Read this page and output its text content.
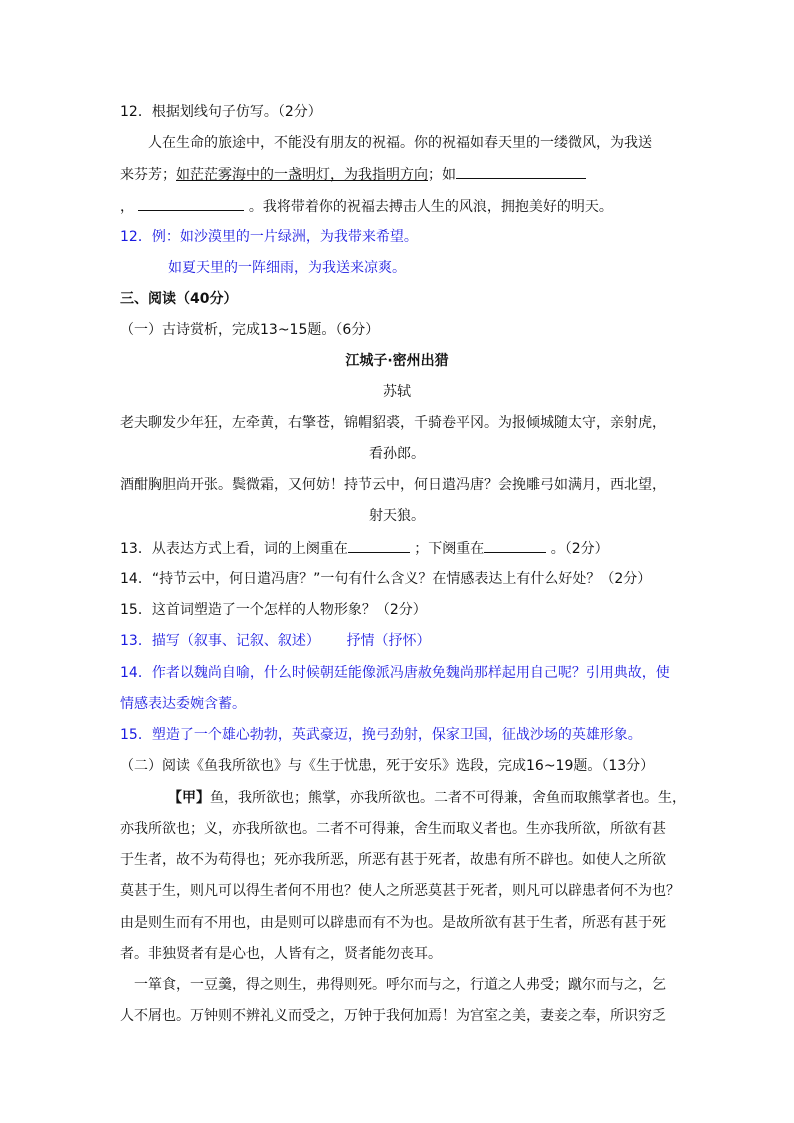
12．根据划线句子仿写。（2分）
人在生命的旅途中，不能没有朋友的祝福。你的祝福如春天里的一缕微风，为我送
来芬芳；如茫茫雾海中的一盏明灯，为我指明方向；如
，	。我将带着你的祝福去搏击人生的风浪，拥抱美好的明天。
12．例：如沙漠里的一片绿洲，为我带来希望。
如夏天里的一阵细雨，为我送来凉爽。
三、阅读（40分）
（一）古诗赏析，完成13~15题。（6分）
江城子·密州出猎
苏轼
老夫聊发少年狂，左牵黄，右擎苍，锦帽貂裘，千骑卷平冈。为报倾城随太守，亲射虎，
看孙郎。
酒酣胸胆尚开张。鬓微霜，又何妨！持节云中，何日遣冯唐？会挽雕弓如满月，西北望，
射天狼。
13．从表达方式上看，词的上阕重在	；下阕重在	。（2分）
14．“持节云中，何日遣冯唐？”一句有什么含义？在情感表达上有什么好处？（2分）
15．这首词塑造了一个怎样的人物形象？（2分）
13．描写（叙事、记叙、叙述）      抒情（抒怀）
14．作者以魏尚自喻，什么时候朝廷能像派冯唐赦免魏尚那样起用自己呢？引用典故，使
情感表达委婉含蓄。
15．塑造了一个雄心勃勃，英武豪迈，挽弓劲射，保家卫国，征战沙场的英雄形象。
（二）阅读《鱼我所欲也》与《生于忧患，死于安乐》选段，完成16~19题。（13分）
【甲】鱼，我所欲也；熊掌，亦我所欲也。二者不可得兼，舍鱼而取熊掌者也。生，
亦我所欲也；义，亦我所欲也。二者不可得兼，舍生而取义者也。生亦我所欲，所欲有甚
于生者，故不为苟得也；死亦我所恶，所恶有甚于死者，故患有所不辟也。如使人之所欲
莫甚于生，则凡可以得生者何不用也？使人之所恶莫甚于死者，则凡可以辟患者何不为也？
由是则生而有不用也，由是则可以辟患而有不为也。是故所欲有甚于生者，所恶有甚于死
者。非独贤者有是心也，人皆有之，贤者能勿丧耳。
一箪食，一豆羹，得之则生，弗得则死。呼尔而与之，行道之人弗受；蹴尔而与之，乞
人不屑也。万钟则不辨礼义而受之，万钟于我何加焉！为宫室之美，妻妾之奉，所识穷乏
